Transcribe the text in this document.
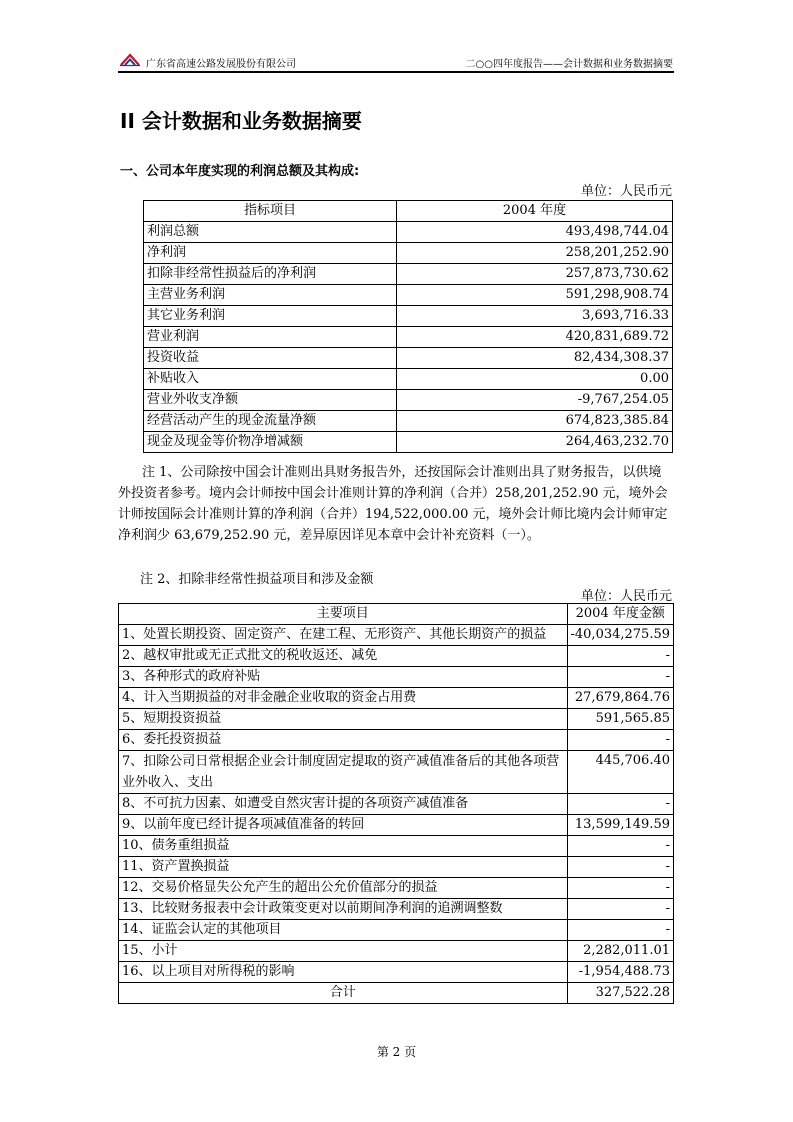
广东省高速公路发展股份有限公司	二○○四年度报告——会计数据和业务数据摘要
II 会计数据和业务数据摘要
一、公司本年度实现的利润总额及其构成:
单位：人民币元
指标项目	2004 年度
利润总额	493,498,744.04
净利润	258,201,252.90
扣除非经常性损益后的净利润	257,873,730.62
主营业务利润	591,298,908.74
其它业务利润	3,693,716.33
营业利润	420,831,689.72
投资收益	82,434,308.37
补贴收入	0.00
营业外收支净额	-9,767,254.05
经营活动产生的现金流量净额	674,823,385.84
现金及现金等价物净增减额	264,463,232.70
注 1、公司除按中国会计准则出具财务报告外，还按国际会计准则出具了财务报告，以供境外投资者参考。境内会计师按中国会计准则计算的净利润（合并）258,201,252.90 元，境外会计师按国际会计准则计算的净利润（合并）194,522,000.00 元，境外会计师比境内会计师审定净利润少 63,679,252.90 元，差异原因详见本章中会计补充资料（一）。
注 2、扣除非经常性损益项目和涉及金额
单位：人民币元
主要项目	2004 年度金额
1、处置长期投资、固定资产、在建工程、无形资产、其他长期资产的损益	-40,034,275.59
2、越权审批或无正式批文的税收返还、减免	-
3、各种形式的政府补贴	-
4、计入当期损益的对非金融企业收取的资金占用费	27,679,864.76
5、短期投资损益	591,565.85
6、委托投资损益	-
7、扣除公司日常根据企业会计制度固定提取的资产减值准备后的其他各项营业外收入、支出	445,706.40
8、不可抗力因素、如遭受自然灾害计提的各项资产减值准备	-
9、以前年度已经计提各项减值准备的转回	13,599,149.59
10、债务重组损益	-
11、资产置换损益	-
12、交易价格显失公允产生的超出公允价值部分的损益	-
13、比较财务报表中会计政策变更对以前期间净利润的追溯调整数	-
14、证监会认定的其他项目	-
15、小计	2,282,011.01
16、以上项目对所得税的影响	-1,954,488.73
合计	327,522.28
第 2 页
